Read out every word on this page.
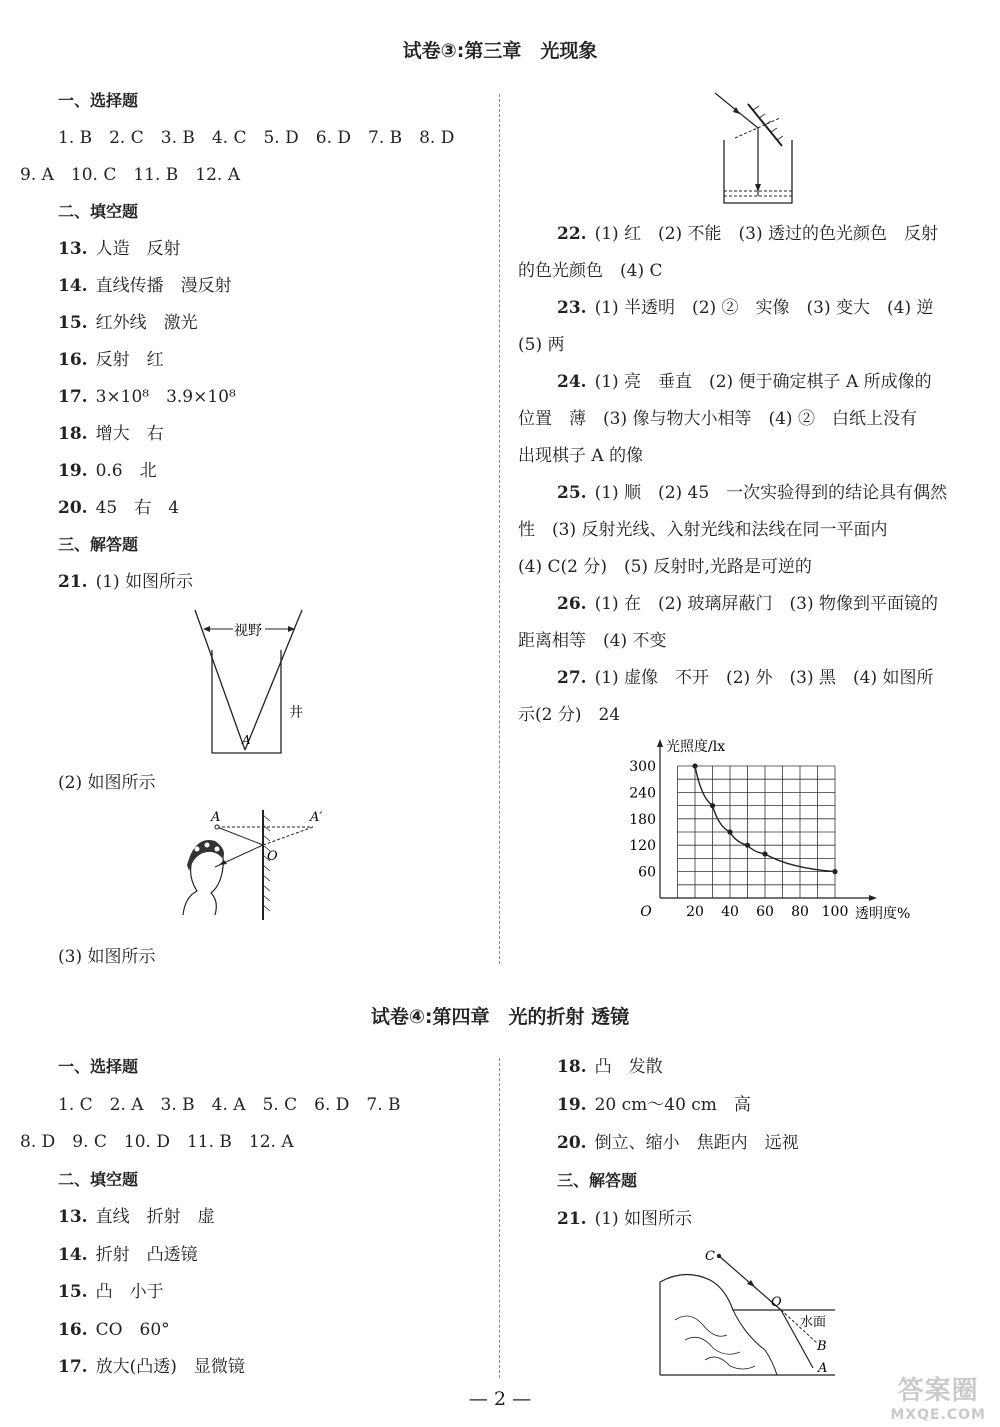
试卷③:第三章　光现象
一、选择题
1. B　2. C　3. B　4. C　5. D　6. D　7. B　8. D
9. A　10. C　11. B　12. A
二、填空题
13. 人造　反射
14. 直线传播　漫反射
15. 红外线　激光
16. 反射　红
17. 3×10⁸　3.9×10⁸
18. 增大　右
19. 0.6　北
20. 45　右　4
三、解答题
21. (1) 如图所示
22. (1) 红　(2) 不能　(3) 透过的色光颜色　反射
的色光颜色　(4) C
23. (1) 半透明　(2) ②　实像　(3) 变大　(4) 逆
(5) 两
24. (1) 亮　垂直　(2) 便于确定棋子 A 所成像的
位置　薄　(3) 像与物大小相等　(4) ②　白纸上没有
出现棋子 A 的像
25. (1) 顺　(2) 45　一次实验得到的结论具有偶然
性　(3) 反射光线、入射光线和法线在同一平面内
(4) C(2 分)　(5) 反射时,光路是可逆的
26. (1) 在　(2) 玻璃屏蔽门　(3) 物像到平面镜的
距离相等　(4) 不变
27. (1) 虚像　不开　(2) 外　(3) 黑　(4) 如图所
示(2 分)　24
(2) 如图所示
(3) 如图所示
视野
井
A
A	A′
O
60
120
180
240
300
20 40 60 80 100
O
光照度/lx
透明度%
试卷④:第四章　光的折射 透镜
一、选择题
1. C　2. A　3. B　4. A　5. C　6. D　7. B
8. D　9. C　10. D　11. B　12. A
二、填空题
13. 直线　折射　虚
14. 折射　凸透镜
15. 凸　小于
16. CO　60°
17. 放大(凸透)　显微镜
18. 凸　发散
19. 20 cm～40 cm　高
20. 倒立、缩小　焦距内　远视
三、解答题
21. (1) 如图所示
C
O
水面
B
A
— 2 —	答案圈
MXQE.COM
